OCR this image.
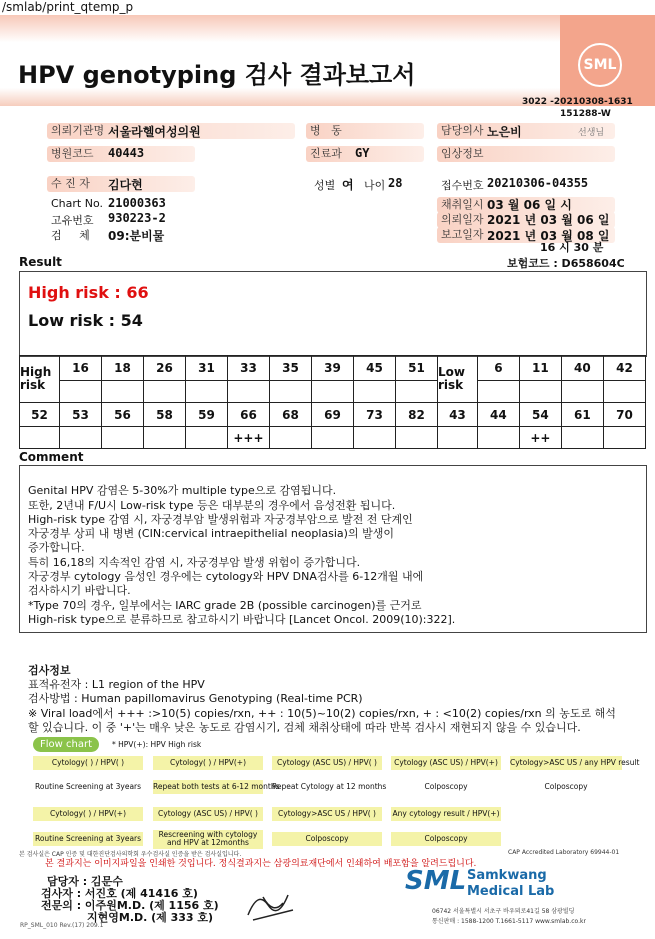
/smlab/print_qtemp_p
SML
HPV genotyping 검사 결과보고서
3022 -20210308-1631
151288-W
의뢰기관명 서울라헬여성의원
병원코드	40443
수 진 자	김다현
Chart No. 21000363
고유번호 930223-2
검     체 09:분비물
병   동
진료과	GY
성별 여 나이 28
담당의사 노은비	선생님
임상정보
접수번호 20210306-04355
채취일시 03 월 06 일 시
의뢰일자 2021 년 03 월 06 일
보고일자 2021 년 03 월 08 일
16 시 30 분
Result	보험코드 : D658604C
High risk : 66
Low risk : 54
High risk	16	18	26	31	33	35	39	45	51	Low risk	6	11	40	42

52	53	56	58	59	66	68	69	73	82	43	44	54	61	70
					+++							++		
Comment

Genital HPV 감염은 5-30%가 multiple type으로 감염됩니다.
또한, 2년내 F/U시 Low-risk type 등은 대부분의 경우에서 음성전환 됩니다.
High-risk type 감염 시, 자궁경부암 발생위험과 자궁경부암으로 발전 전 단계인
자궁경부 상피 내 병변 (CIN:cervical intraepithelial neoplasia)의 발생이
증가합니다.
특히 16,18의 지속적인 감염 시, 자궁경부암 발생 위험이 증가합니다.
자궁경부 cytology 음성인 경우에는 cytology와 HPV DNA검사를 6-12개월 내에
검사하시기 바랍니다.
*Type 70의 경우, 일부에서는 IARC grade 2B (possible carcinogen)를 근거로
High-risk type으로 분류하므로 참고하시기 바랍니다 [Lancet Oncol. 2009(10):322].

검사정보
표적유전자 : L1 region of the HPV
검사방법 : Human papillomavirus Genotyping (Real-time PCR)
※ Viral load에서 +++ :>10(5) copies/rxn, ++ : 10(5)~10(2) copies/rxn, + : <10(2) copies/rxn 의 농도로 해석
할 있습니다. 이 중 '+'는 매우 낮은 농도로 감염시기, 검체 채취상태에 따라 반복 검사시 재현되지 않을 수 있습니다.
Flow chart	* HPV(+): HPV High risk
Cytology( ) / HPV( )	Cytology( ) / HPV(+)	Cytology (ASC US) / HPV( )	Cytology (ASC US) / HPV(+)	Cytology>ASC US / any HPV result
Routine Screening at 3years Repeat both tests at 6-12 months
Repeat Cytology at 12 months	Colposcopy	Colposcopy
Cytology( ) / HPV(+)	Cytology (ASC US) / HPV( )	Cytology>ASC US / HPV( )	Any cytology result / HPV(+)
Routine Screening at 3years	Rescreening with cytology and HPV at 12months	Colposcopy	Colposcopy
본 검사실은 CAP 인증 및 대한진단검사의학회 우수검사실 인증을 받은 검사실입니다.	CAP Accredited Laboratory 69944-01
본 결과지는 이미지파일을 인쇄한 것입니다. 정식결과지는 삼광의료재단에서 인쇄하여 배포함을 알려드립니다.
담당자 : 김문수
검사자 : 서진호 (제 41416 호)
전문의 : 이주원M.D. (제 1156 호)
지현영M.D. (제 333 호)
RP_SML_010 Rev.(17) 209.1
SML Samkwang
Medical Lab
06742 서울특별시 서초구 바우뫼로41길 58 삼광빌딩
통신판매 : 1588-1200 T.1661-5117 www.smlab.co.kr
